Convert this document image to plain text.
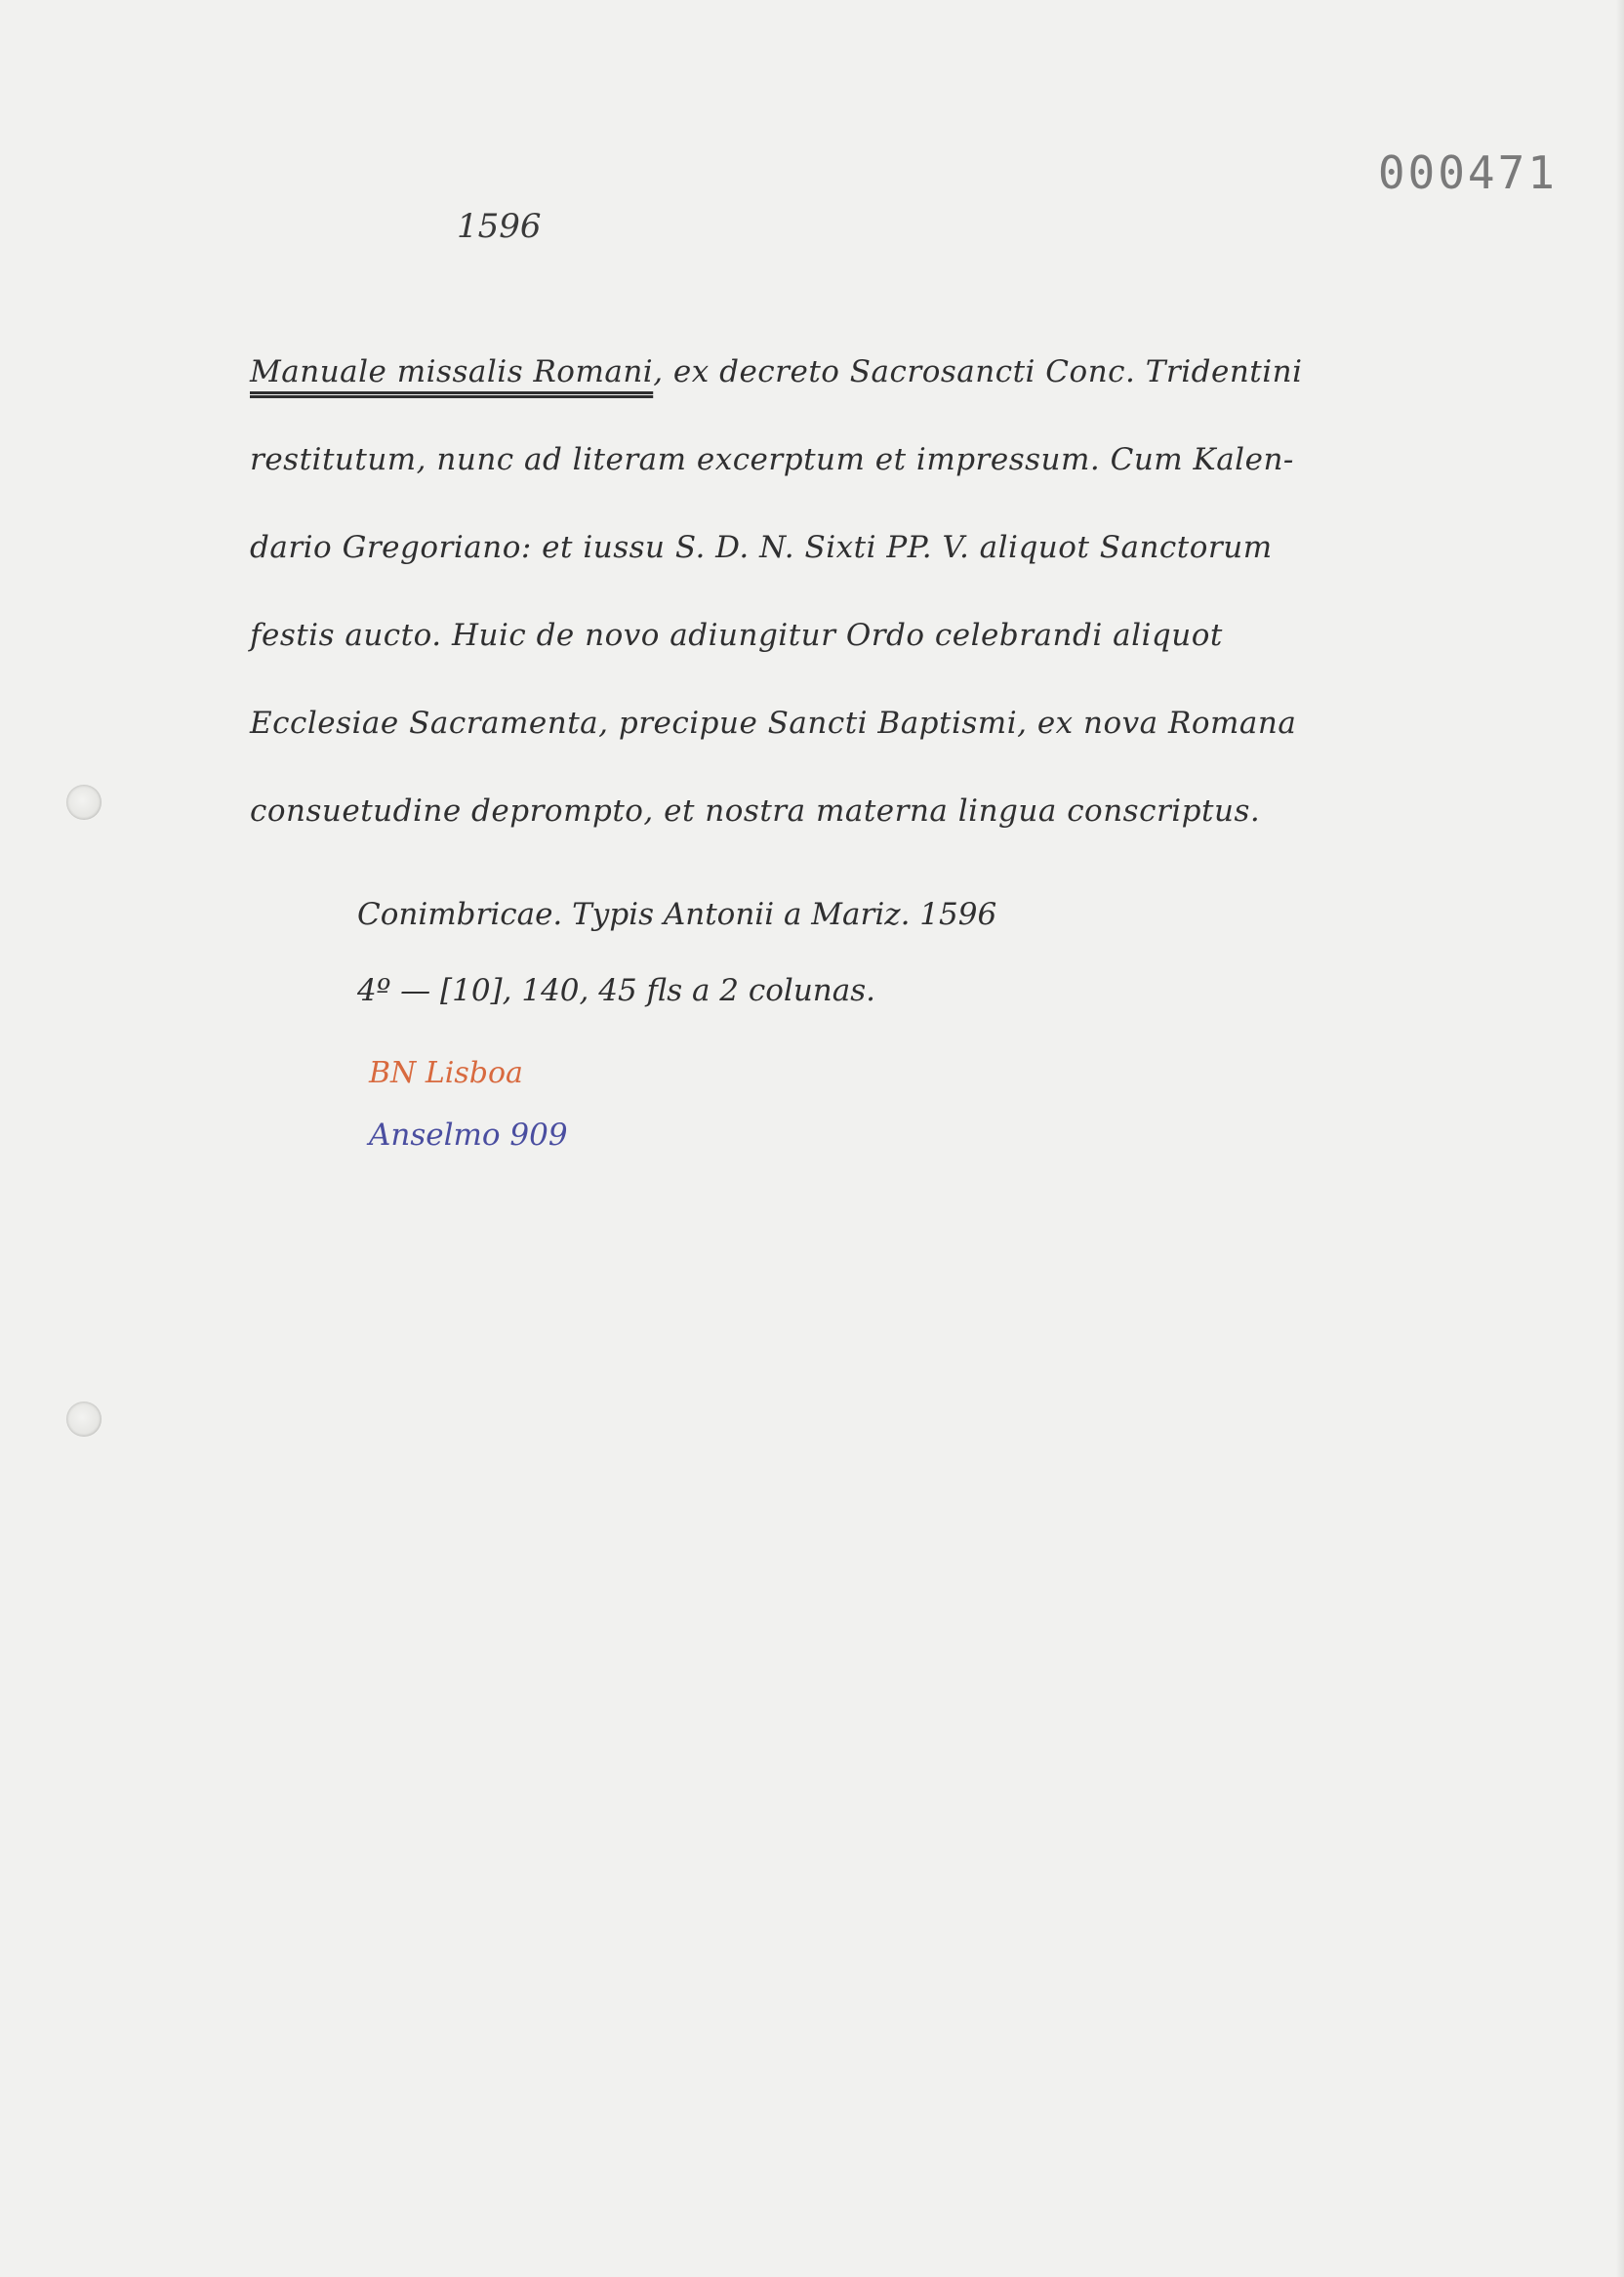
000471
1596
Manuale missalis Romani, ex decreto Sacrosancti Conc. Tridentini
restitutum, nunc ad literam excerptum et impressum. Cum Kalen-
dario Gregoriano: et iussu S. D. N. Sixti PP. V. aliquot Sanctorum
festis aucto. Huic de novo adiungitur Ordo celebrandi aliquot
Ecclesiae Sacramenta, precipue Sancti Baptismi, ex nova Romana
consuetudine deprompto, et nostra materna lingua conscriptus.
Conimbricae. Typis Antonii a Mariz. 1596
4º — [10], 140, 45 fls a 2 colunas.
BN Lisboa
Anselmo 909
